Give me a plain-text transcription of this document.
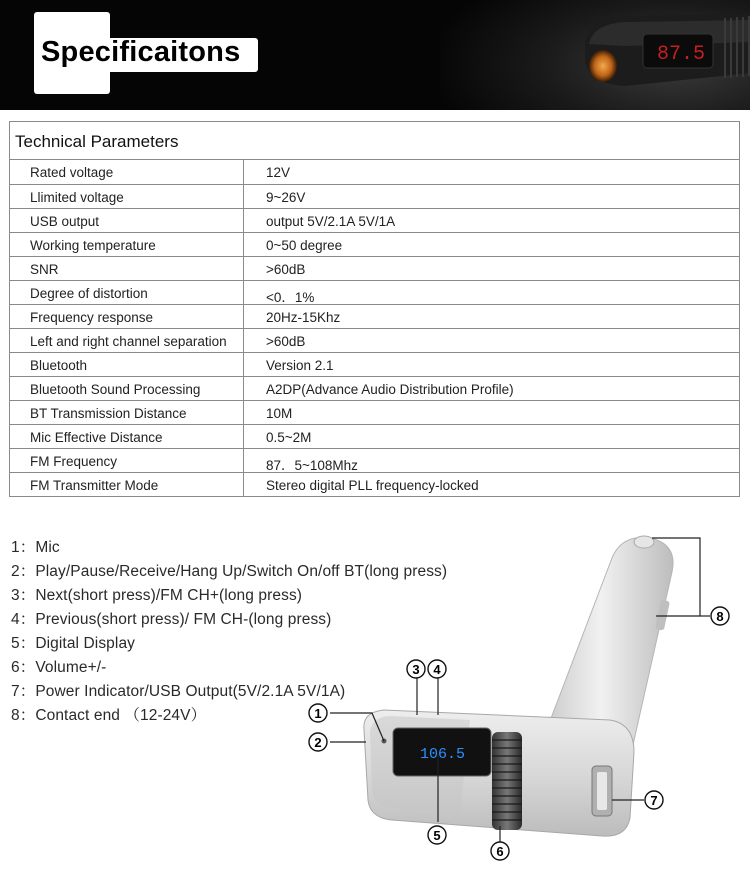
87.5
Specificaitons
Technical Parameters
Rated voltage	12V
Llimited voltage	9~26V
USB output	output 5V/2.1A 5V/1A
Working temperature	0~50 degree
SNR	>60dB
Degree of distortion	<0．1%
Frequency response	20Hz-15Khz
Left and right channel separation	>60dB
Bluetooth	Version 2.1
Bluetooth Sound Processing	A2DP(Advance Audio Distribution Profile)
BT Transmission Distance	10M
Mic Effective Distance	0.5~2M
FM Frequency	87．5~108Mhz
FM Transmitter Mode	Stereo digital PLL frequency-locked
1：Mic
2：Play/Pause/Receive/Hang Up/Switch On/off BT(long press)
3：Next(short press)/FM CH+(long press)
4：Previous(short press)/ FM CH-(long press)
5：Digital Display
6：Volume+/-
7：Power Indicator/USB Output(5V/2.1A 5V/1A)
8：Contact end （12-24V）
106.5
1
2
3 4
5
6
7
8
